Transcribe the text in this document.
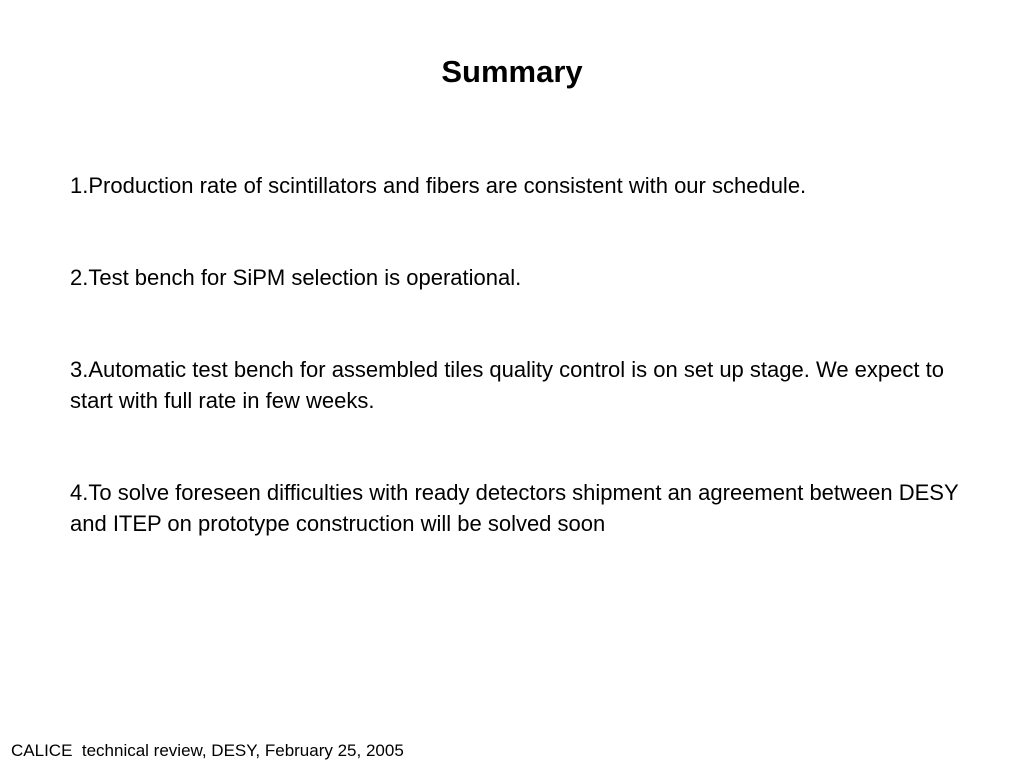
Summary
1.Production rate of scintillators and fibers are consistent with our schedule.
2.Test bench for SiPM selection is operational.
3.Automatic test bench for assembled tiles quality control is on set up stage. We expect to start with full rate in few weeks.
4.To solve foreseen difficulties with ready detectors shipment an agreement between DESY and ITEP on prototype construction will be solved soon
CALICE  technical review, DESY, February 25, 2005
